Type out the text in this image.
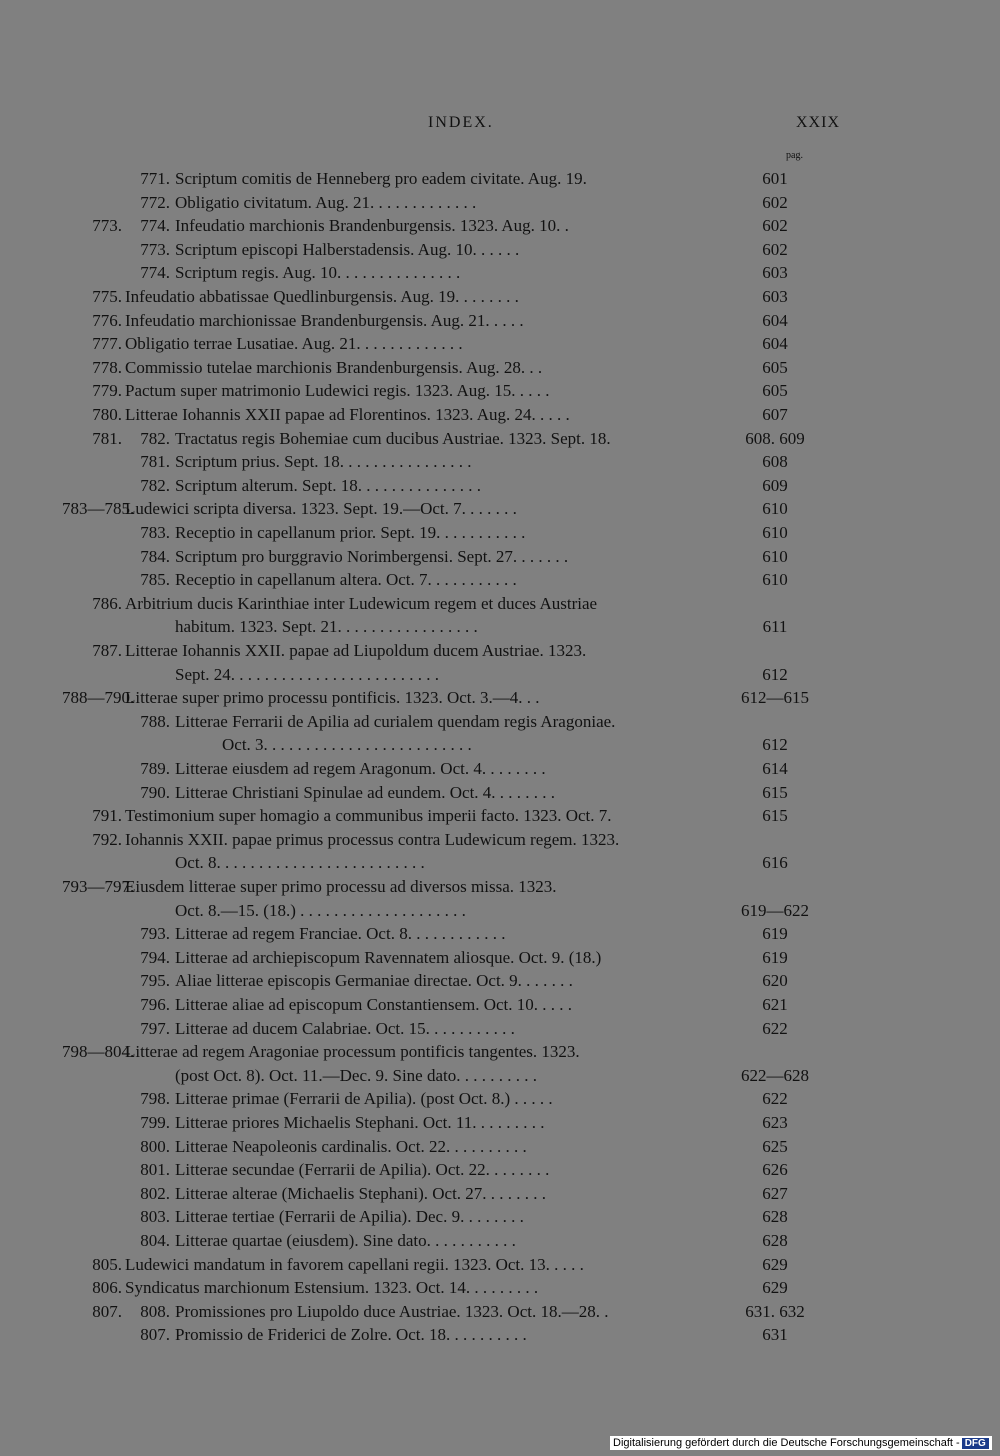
INDEX.	XXIX
pag.
771. Scriptum comitis de Henneberg pro eadem civitate. Aug. 19.	601
772. Obligatio civitatum. Aug. 21. . . . . . . . . . . . .	602
773.	774. Infeudatio marchionis Brandenburgensis. 1323. Aug. 10. .	602
773. Scriptum episcopi Halberstadensis. Aug. 10. . . . . .	602
774. Scriptum regis. Aug. 10. . . . . . . . . . . . . . .	603
775. Infeudatio abbatissae Quedlinburgensis. Aug. 19. . . . . . . .	603
776. Infeudatio marchionissae Brandenburgensis. Aug. 21. . . . .	604
777. Obligatio terrae Lusatiae. Aug. 21. . . . . . . . . . . . .	604
778. Commissio tutelae marchionis Brandenburgensis. Aug. 28. . .	605
779. Pactum super matrimonio Ludewici regis. 1323. Aug. 15. . . . .	605
780. Litterae Iohannis XXII papae ad Florentinos. 1323. Aug. 24. . . . .	607
781.	782. Tractatus regis Bohemiae cum ducibus Austriae. 1323. Sept. 18.	608. 609
781. Scriptum prius. Sept. 18. . . . . . . . . . . . . . . .	608
782. Scriptum alterum. Sept. 18. . . . . . . . . . . . . . .	609
783—785.
Ludewici scripta diversa. 1323. Sept. 19.—Oct. 7. . . . . . .	610
783. Receptio in capellanum prior. Sept. 19. . . . . . . . . . .	610
784. Scriptum pro burggravio Norimbergensi. Sept. 27. . . . . . .	610
785. Receptio in capellanum altera. Oct. 7. . . . . . . . . . .	610
786. Arbitrium ducis Karinthiae inter Ludewicum regem et duces Austriae
habitum. 1323. Sept. 21. . . . . . . . . . . . . . . . .	611
787. Litterae Iohannis XXII. papae ad Liupoldum ducem Austriae. 1323.
Sept. 24. . . . . . . . . . . . . . . . . . . . . . . . .	612
788—790.
Litterae super primo processu pontificis. 1323. Oct. 3.—4. . .	612—615
788. Litterae Ferrarii de Apilia ad curialem quendam regis Aragoniae.
Oct. 3. . . . . . . . . . . . . . . . . . . . . . . . .	612
789. Litterae eiusdem ad regem Aragonum. Oct. 4. . . . . . . .	614
790. Litterae Christiani Spinulae ad eundem. Oct. 4. . . . . . . .	615
791. Testimonium super homagio a communibus imperii facto. 1323. Oct. 7.	615
792. Iohannis XXII. papae primus processus contra Ludewicum regem. 1323.
Oct. 8. . . . . . . . . . . . . . . . . . . . . . . . .	616
793—797.
Eiusdem litterae super primo processu ad diversos missa. 1323.
Oct. 8.—15. (18.) . . . . . . . . . . . . . . . . . . . .	619—622
793. Litterae ad regem Franciae. Oct. 8. . . . . . . . . . . .	619
794. Litterae ad archiepiscopum Ravennatem aliosque. Oct. 9. (18.)	619
795. Aliae litterae episcopis Germaniae directae. Oct. 9. . . . . . .	620
796. Litterae aliae ad episcopum Constantiensem. Oct. 10. . . . .	621
797. Litterae ad ducem Calabriae. Oct. 15. . . . . . . . . . .	622
798—804.
Litterae ad regem Aragoniae processum pontificis tangentes. 1323.
(post Oct. 8). Oct. 11.—Dec. 9. Sine dato. . . . . . . . . .	622—628
798. Litterae primae (Ferrarii de Apilia). (post Oct. 8.) . . . . .	622
799. Litterae priores Michaelis Stephani. Oct. 11. . . . . . . . .	623
800. Litterae Neapoleonis cardinalis. Oct. 22. . . . . . . . . .	625
801. Litterae secundae (Ferrarii de Apilia). Oct. 22. . . . . . . .	626
802. Litterae alterae (Michaelis Stephani). Oct. 27. . . . . . . .	627
803. Litterae tertiae (Ferrarii de Apilia). Dec. 9. . . . . . . .	628
804. Litterae quartae (eiusdem). Sine dato. . . . . . . . . . .	628
805. Ludewici mandatum in favorem capellani regii. 1323. Oct. 13. . . . .	629
806. Syndicatus marchionum Estensium. 1323. Oct. 14. . . . . . . . .	629
807.	808. Promissiones pro Liupoldo duce Austriae. 1323. Oct. 18.—28. .	631. 632
807. Promissio de Friderici de Zolre. Oct. 18. . . . . . . . . .	631
Digitalisierung gefördert durch die Deutsche Forschungsgemeinschaft - DFG
